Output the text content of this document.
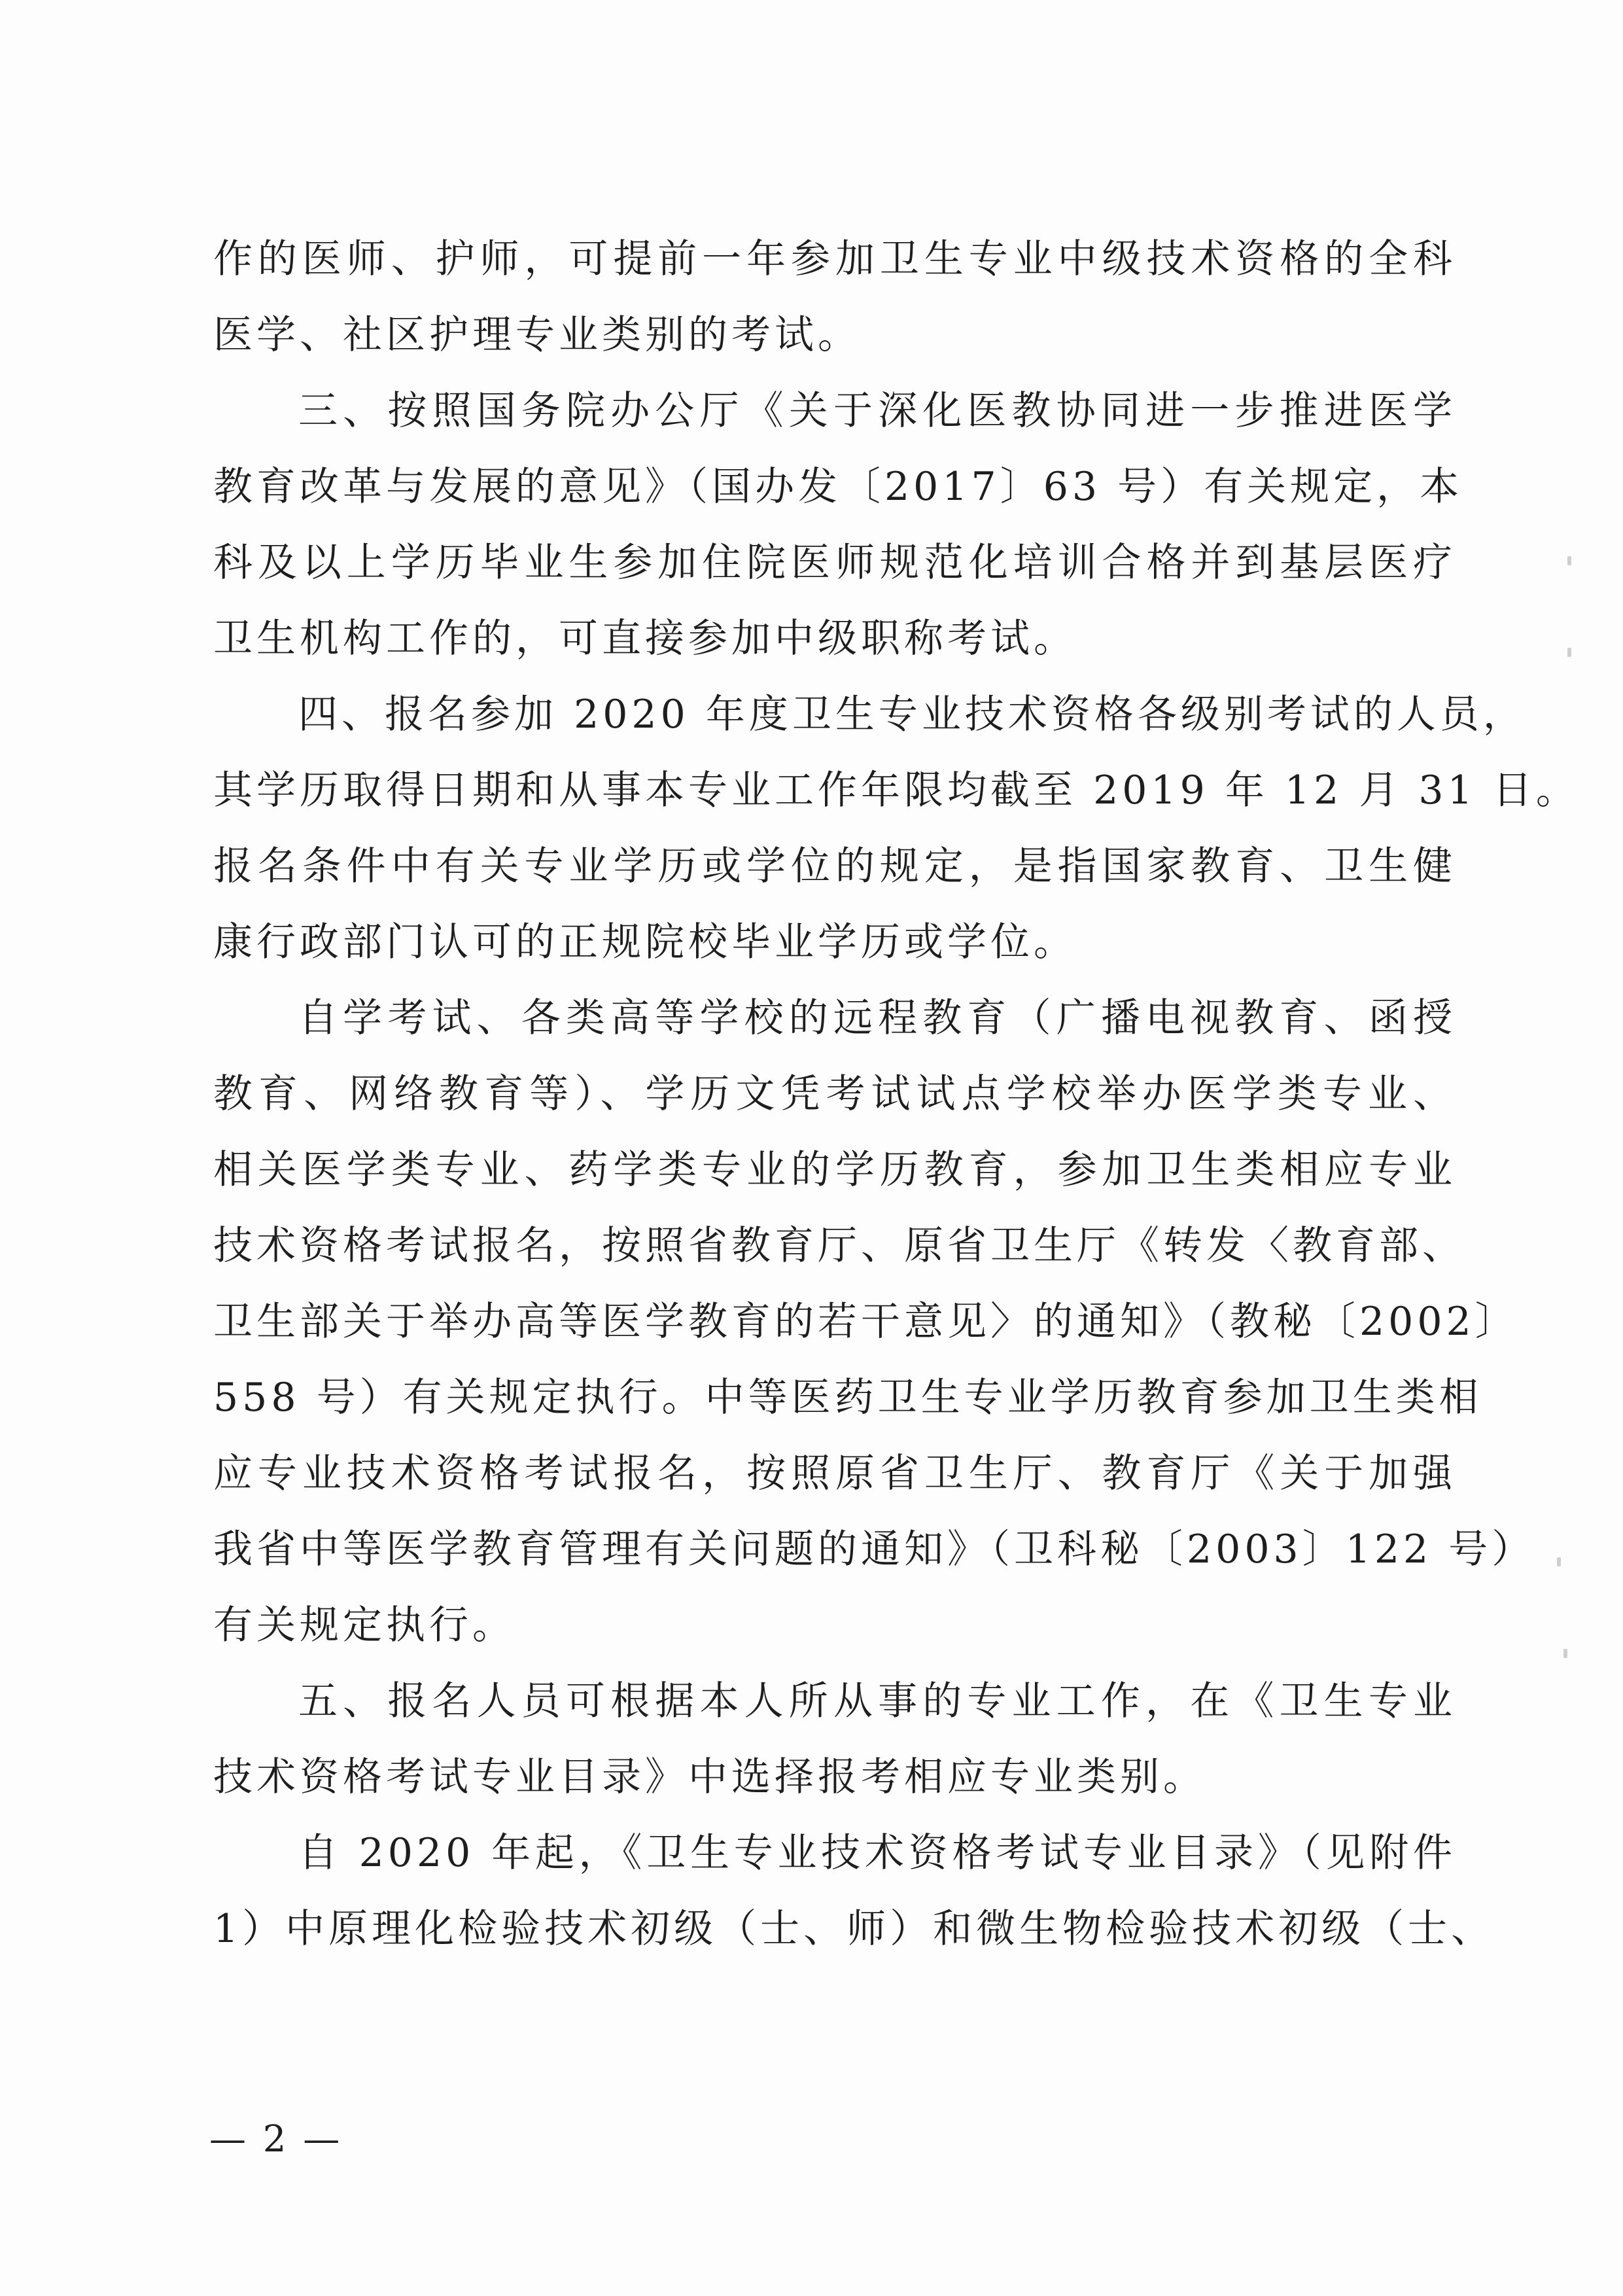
作的医师、护师，可提前一年参加卫生专业中级技术资格的全科
医学、社区护理专业类别的考试。
三、按照国务院办公厅《关于深化医教协同进一步推进医学
教育改革与发展的意见》（国办发〔2017〕63 号）有关规定，本
科及以上学历毕业生参加住院医师规范化培训合格并到基层医疗
卫生机构工作的，可直接参加中级职称考试。
四、报名参加 2020 年度卫生专业技术资格各级别考试的人员，
其学历取得日期和从事本专业工作年限均截至 2019 年 12 月 31 日。
报名条件中有关专业学历或学位的规定，是指国家教育、卫生健
康行政部门认可的正规院校毕业学历或学位。
自学考试、各类高等学校的远程教育（广播电视教育、函授
教育、网络教育等）、学历文凭考试试点学校举办医学类专业、
相关医学类专业、药学类专业的学历教育，参加卫生类相应专业
技术资格考试报名，按照省教育厅、原省卫生厅《转发〈教育部、
卫生部关于举办高等医学教育的若干意见〉的通知》（教秘〔2002〕
558 号）有关规定执行。中等医药卫生专业学历教育参加卫生类相
应专业技术资格考试报名，按照原省卫生厅、教育厅《关于加强
我省中等医学教育管理有关问题的通知》（卫科秘〔2003〕122 号）
有关规定执行。
五、报名人员可根据本人所从事的专业工作，在《卫生专业
技术资格考试专业目录》中选择报考相应专业类别。
自 2020 年起，《卫生专业技术资格考试专业目录》（见附件
1）中原理化检验技术初级（士、师）和微生物检验技术初级（士、
— 2 —
